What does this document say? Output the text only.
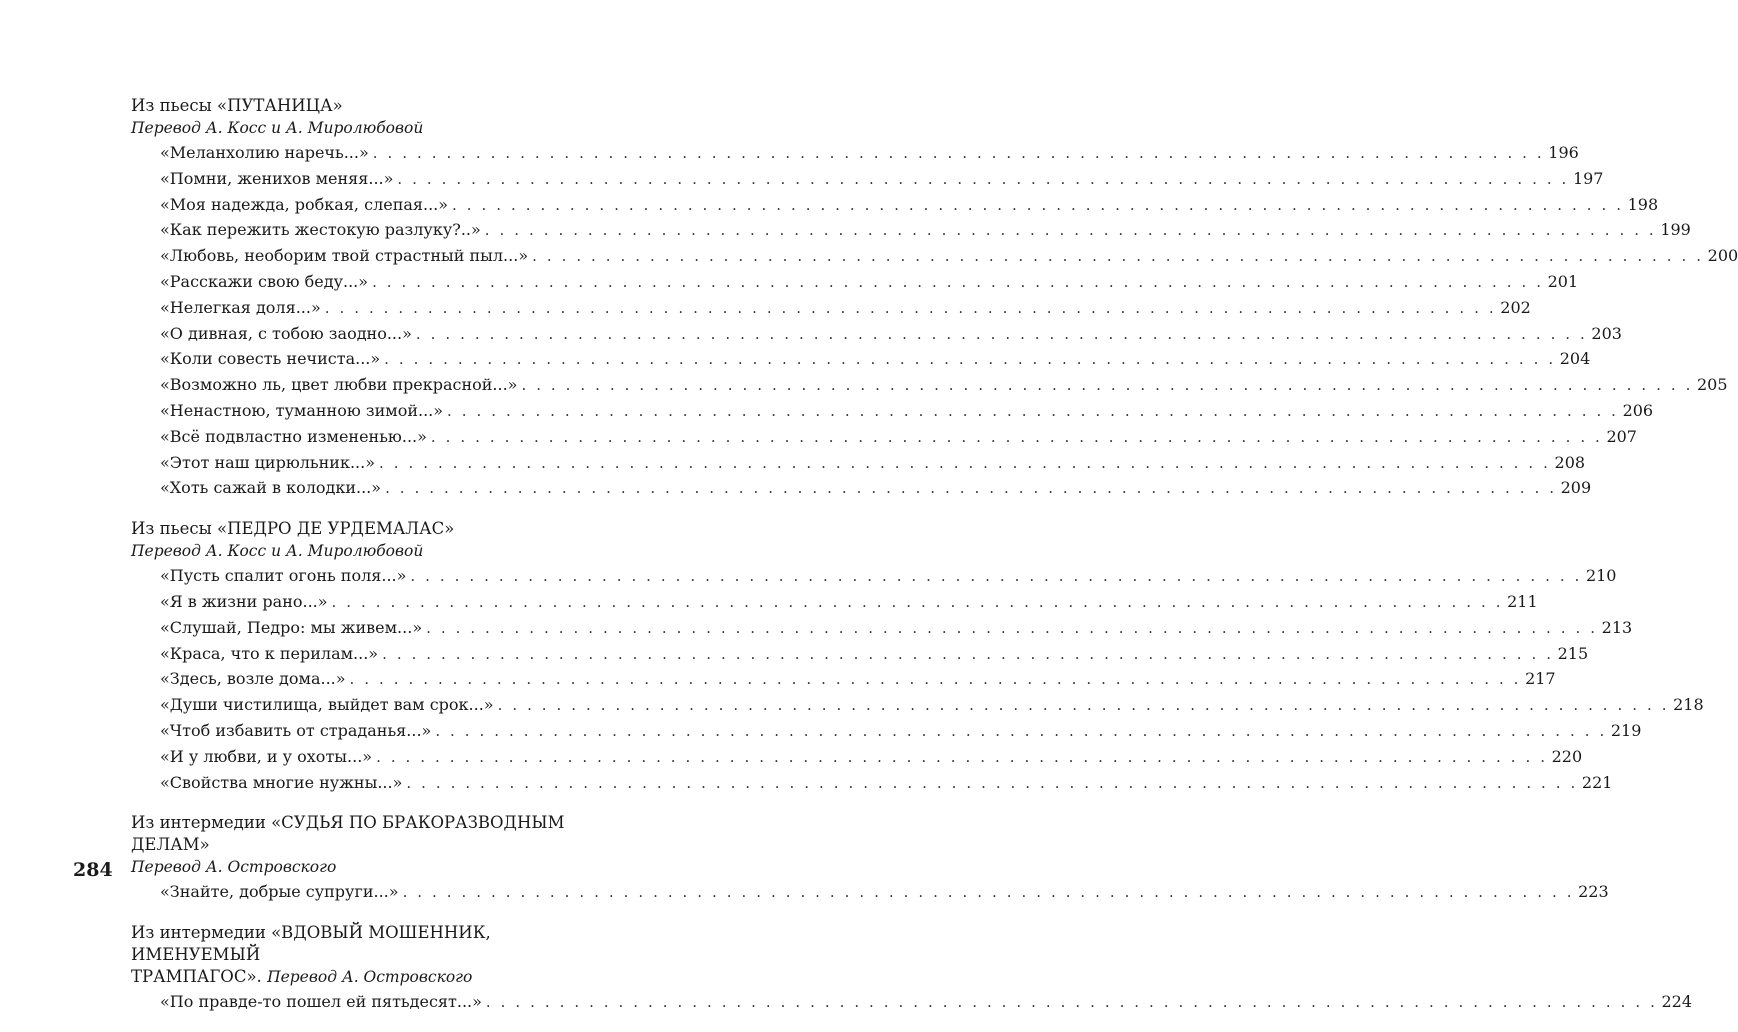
284
Из пьесы «ПУТАНИЦА»
Перевод А. Косс и А. Миролюбовой
«Меланхолию наречь...» . . . . . . . . . . . . . . . . . . . . . . . . . . . . . . . . . . . . . . . . . . . . . . . . . . . . . . . . . . . . . . . . . . . . . . . . . . . . . . . . 196
«Помни, женихов меняя...» . . . . . . . . . . . . . . . . . . . . . . . . . . . . . . . . . . . . . . . . . . . . . . . . . . . . . . . . . . . . . . . . . . . . . . . . . . . . . . . . 197
«Моя надежда, робкая, слепая...» . . . . . . . . . . . . . . . . . . . . . . . . . . . . . . . . . . . . . . . . . . . . . . . . . . . . . . . . . . . . . . . . . . . . . . . . . . . . . . . . 198
«Как пережить жестокую разлуку?..» . . . . . . . . . . . . . . . . . . . . . . . . . . . . . . . . . . . . . . . . . . . . . . . . . . . . . . . . . . . . . . . . . . . . . . . . . . . . . . . . 199
«Любовь, необорим твой страстный пыл...» . . . . . . . . . . . . . . . . . . . . . . . . . . . . . . . . . . . . . . . . . . . . . . . . . . . . . . . . . . . . . . . . . . . . . . . . . . . . . . . . 200
«Расскажи свою беду...» . . . . . . . . . . . . . . . . . . . . . . . . . . . . . . . . . . . . . . . . . . . . . . . . . . . . . . . . . . . . . . . . . . . . . . . . . . . . . . . . 201
«Нелегкая доля...» . . . . . . . . . . . . . . . . . . . . . . . . . . . . . . . . . . . . . . . . . . . . . . . . . . . . . . . . . . . . . . . . . . . . . . . . . . . . . . . . 202
«О дивная, с тобою заодно...» . . . . . . . . . . . . . . . . . . . . . . . . . . . . . . . . . . . . . . . . . . . . . . . . . . . . . . . . . . . . . . . . . . . . . . . . . . . . . . . . 203
«Коли совесть нечиста...» . . . . . . . . . . . . . . . . . . . . . . . . . . . . . . . . . . . . . . . . . . . . . . . . . . . . . . . . . . . . . . . . . . . . . . . . . . . . . . . . 204
«Возможно ль, цвет любви прекрасной...» . . . . . . . . . . . . . . . . . . . . . . . . . . . . . . . . . . . . . . . . . . . . . . . . . . . . . . . . . . . . . . . . . . . . . . . . . . . . . . . . 205
«Ненастною, туманною зимой...» . . . . . . . . . . . . . . . . . . . . . . . . . . . . . . . . . . . . . . . . . . . . . . . . . . . . . . . . . . . . . . . . . . . . . . . . . . . . . . . . 206
«Всё подвластно измененью...» . . . . . . . . . . . . . . . . . . . . . . . . . . . . . . . . . . . . . . . . . . . . . . . . . . . . . . . . . . . . . . . . . . . . . . . . . . . . . . . . 207
«Этот наш цирюльник...» . . . . . . . . . . . . . . . . . . . . . . . . . . . . . . . . . . . . . . . . . . . . . . . . . . . . . . . . . . . . . . . . . . . . . . . . . . . . . . . . 208
«Хоть сажай в колодки...» . . . . . . . . . . . . . . . . . . . . . . . . . . . . . . . . . . . . . . . . . . . . . . . . . . . . . . . . . . . . . . . . . . . . . . . . . . . . . . . . 209
Из пьесы «ПЕДРО ДЕ УРДЕМАЛАС»
Перевод А. Косс и А. Миролюбовой
«Пусть спалит огонь поля...» . . . . . . . . . . . . . . . . . . . . . . . . . . . . . . . . . . . . . . . . . . . . . . . . . . . . . . . . . . . . . . . . . . . . . . . . . . . . . . . . 210
«Я в жизни рано...» . . . . . . . . . . . . . . . . . . . . . . . . . . . . . . . . . . . . . . . . . . . . . . . . . . . . . . . . . . . . . . . . . . . . . . . . . . . . . . . . 211
«Слушай, Педро: мы живем...» . . . . . . . . . . . . . . . . . . . . . . . . . . . . . . . . . . . . . . . . . . . . . . . . . . . . . . . . . . . . . . . . . . . . . . . . . . . . . . . . 213
«Краса, что к перилам...» . . . . . . . . . . . . . . . . . . . . . . . . . . . . . . . . . . . . . . . . . . . . . . . . . . . . . . . . . . . . . . . . . . . . . . . . . . . . . . . . 215
«Здесь, возле дома...» . . . . . . . . . . . . . . . . . . . . . . . . . . . . . . . . . . . . . . . . . . . . . . . . . . . . . . . . . . . . . . . . . . . . . . . . . . . . . . . . 217
«Души чистилища, выйдет вам срок...» . . . . . . . . . . . . . . . . . . . . . . . . . . . . . . . . . . . . . . . . . . . . . . . . . . . . . . . . . . . . . . . . . . . . . . . . . . . . . . . . 218
«Чтоб избавить от страданья...» . . . . . . . . . . . . . . . . . . . . . . . . . . . . . . . . . . . . . . . . . . . . . . . . . . . . . . . . . . . . . . . . . . . . . . . . . . . . . . . . 219
«И у любви, и у охоты...» . . . . . . . . . . . . . . . . . . . . . . . . . . . . . . . . . . . . . . . . . . . . . . . . . . . . . . . . . . . . . . . . . . . . . . . . . . . . . . . . 220
«Свойства многие нужны...» . . . . . . . . . . . . . . . . . . . . . . . . . . . . . . . . . . . . . . . . . . . . . . . . . . . . . . . . . . . . . . . . . . . . . . . . . . . . . . . . 221
Из интермедии «СУДЬЯ ПО БРАКОРАЗВОДНЫМ ДЕЛАМ»
Перевод А. Островского
«Знайте, добрые супруги...» . . . . . . . . . . . . . . . . . . . . . . . . . . . . . . . . . . . . . . . . . . . . . . . . . . . . . . . . . . . . . . . . . . . . . . . . . . . . . . . . 223
Из интермедии «ВДОВЫЙ МОШЕННИК, ИМЕНУЕМЫЙ
ТРАМПАГОС». Перевод А. Островского
«По правде-то пошел ей пятьдесят...» . . . . . . . . . . . . . . . . . . . . . . . . . . . . . . . . . . . . . . . . . . . . . . . . . . . . . . . . . . . . . . . . . . . . . . . . . . . . . . . . 224
